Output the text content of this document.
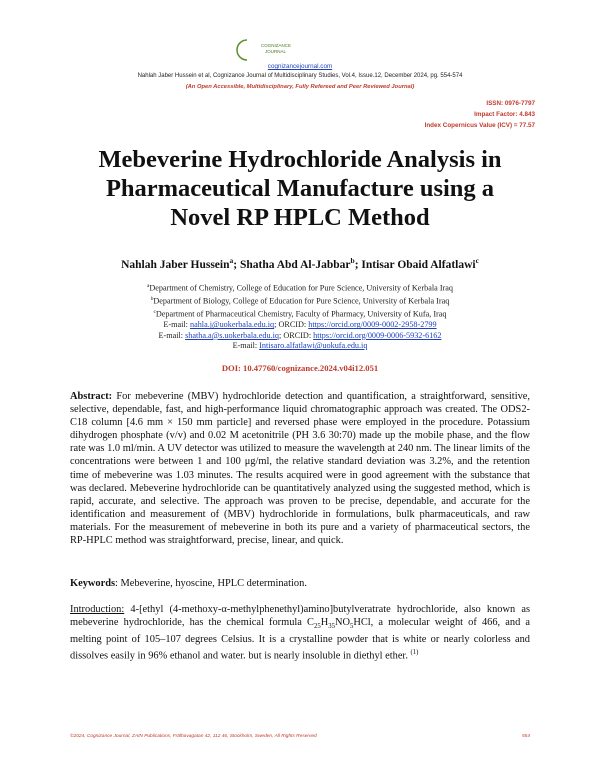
COGNIZANCE
JOURNAL
cognizancejournal.com
Nahlah Jaber Hussein et al, Cognizance Journal of Multidisciplinary Studies, Vol.4, Issue.12, December 2024, pg. 554-574
(An Open Accessible, Multidisciplinary, Fully Refereed and Peer Reviewed Journal)
ISSN: 0976-7797
Impact Factor: 4.843
Index Copernicus Value (ICV) = 77.57
Mebeverine Hydrochloride Analysis in
Pharmaceutical Manufacture using a
Novel RP HPLC Method
Nahlah Jaber Hussein$^a$; Shatha Abd Al-Jabbar$^b$; Intisar Obaid Alfatlawi$^c$
$^a$Department of Chemistry, College of Education for Pure Science, University of Kerbala Iraq
$^b$Department of Biology, College of Education for Pure Science, University of Kerbala Iraq
$^c$Department of Pharmaceutical Chemistry, Faculty of Pharmacy, University of Kufa, Iraq
E-mail: nahla.j@uokerbala.edu.iq; ORCID: https://orcid.org/0009-0002-2958-2799
E-mail: shatha.a@s.uokerbala.edu.iq; ORCID: https://orcid.org/0009-0006-5932-6162
E-mail: Intisaro.alfatlawi@uokufa.edu.iq
DOI: 10.47760/cognizance.2024.v04i12.051
Abstract: For mebeverine (MBV) hydrochloride detection and quantification, a straightforward, sensitive, selective, dependable, fast, and high-performance liquid chromatographic approach was created. The ODS2-C18 column [4.6 mm × 150 mm particle] and reversed phase were employed in the procedure. Potassium dihydrogen phosphate (v/v) and 0.02 M acetonitrile (PH 3.6 30:70) made up the mobile phase, and the flow rate was 1.0 ml/min. A UV detector was utilized to measure the wavelength at 240 nm. The linear limits of the concentrations were between 1 and 100 μg/ml, the relative standard deviation was 3.2%, and the retention time of mebeverine was 1.03 minutes. The results acquired were in good agreement with the substance that was declared. Mebeverine hydrochloride can be quantitatively analyzed using the suggested method, which is rapid, accurate, and selective. The approach was proven to be precise, dependable, and accurate for the identification and measurement of (MBV) hydrochloride in formulations, bulk pharmaceuticals, and raw materials. For the measurement of mebeverine in both its pure and a variety of pharmaceutical sectors, the RP-HPLC method was straightforward, precise, linear, and quick.
Keywords: Mebeverine, hyoscine, HPLC determination.
Introduction: 4-[ethyl (4-methoxy-α-methylphenethyl)amino]butylveratrate hydrochloride, also known as mebeverine hydrochloride, has the chemical formula $C_{25}H_{35}NO_5HCl$, a molecular weight of 466, and a melting point of 105–107 degrees Celsius. It is a crystalline powder that is white or nearly colorless and dissolves easily in 96% ethanol and water. but is nearly insoluble in diethyl ether. $^{(1)}$
©2024, Cognizance Journal, ZAIN Publications, Frälhavagatan 42, 112 46, Stockholm, Sweden, All Rights Reserved	554
